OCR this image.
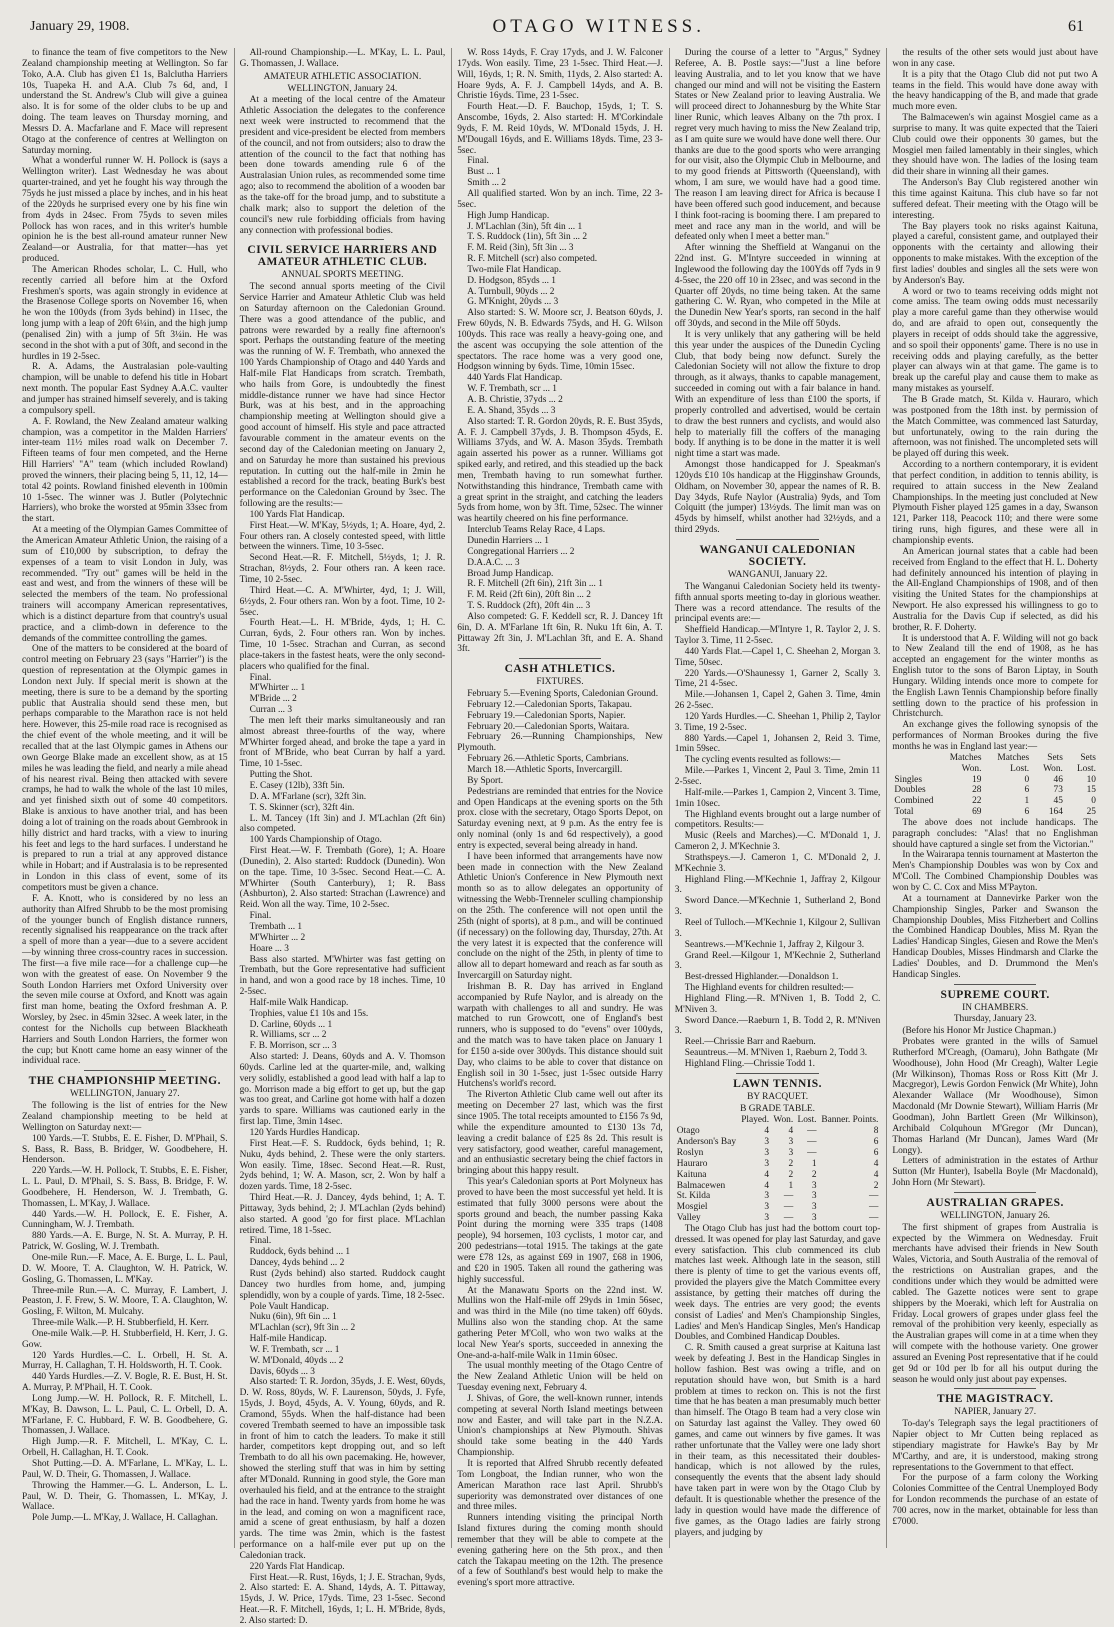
January 29, 1908.	OTAGO WITNESS.	61

to finance the team of five competitors to the New Zealand championship meeting at Wellington. So far Toko, A.A. Club has given £1 1s, Balclutha Harriers 10s, Tuapeka H. and A.A. Club 7s 6d, and, I understand the St. Andrew's Club will give a guinea also. It is for some of the older clubs to be up and doing. The team leaves on Thursday morning, and Messrs D. A. Macfarlane and F. Mace will represent Otago at the conference of centres at Wellington on Saturday morning.

What a wonderful runner W. H. Pollock is (says a Wellington writer). Last Wednesday he was about quarter-trained, and yet he fought his way through the 75yds he just missed a place by inches, and in his heat of the 220yds he surprised every one by his fine win from 4yds in 24sec. From 75yds to seven miles Pollock has won races, and in this writer's humble opinion he is the best all-round amateur runner New Zealand—or Australia, for that matter—has yet produced.

The American Rhodes scholar, L. C. Hull, who recently carried all before him at the Oxford Freshmen's sports, was again strongly in evidence at the Brasenose College sports on November 16, when he won the 100yds (from 3yds behind) in 11sec, the long jump with a leap of 20ft 6¼in, and the high jump (penalised 2in) with a jump of 5ft 3¼in. He was second in the shot with a put of 30ft, and second in the hurdles in 19 2-5sec.

R. A. Adams, the Australasian pole-vaulting champion, will be unable to defend his title in Hobart next month. The popular East Sydney A.A.C. vaulter and jumper has strained himself severely, and is taking a compulsory spell.

A. F. Rowland, the New Zealand amateur walking champion, was a competitor in the Malden Harriers' inter-team 11½ miles road walk on December 7. Fifteen teams of four men competed, and the Herne Hill Harriers' "A" team (which included Rowland) proved the winners, their placing being 5, 11, 12, 14—total 42 points. Rowland finished eleventh in 100min 10 1-5sec. The winner was J. Butler (Polytechnic Harriers), who broke the worsted at 95min 33sec from the start.

At a meeting of the Olympian Games Committee of the American Amateur Athletic Union, the raising of a sum of £10,000 by subscription, to defray the expenses of a team to visit London in July, was recommended. "Try out" games will be held in the east and west, and from the winners of these will be selected the members of the team. No professional trainers will accompany American representatives, which is a distinct departure from that country's usual practice, and a climb-down in deference to the demands of the committee controlling the games.

One of the matters to be considered at the board of control meeting on February 23 (says "Harrier") is the question of representation at the Olympic games in London next July. If special merit is shown at the meeting, there is sure to be a demand by the sporting public that Australia should send these men, but perhaps comparable to the Marathon race is not held here. However, this 25-mile road race is recognised as the chief event of the whole meeting, and it will be recalled that at the last Olympic games in Athens our own George Blake made an excellent show, as at 15 miles he was leading the field, and nearly a mile ahead of his nearest rival. Being then attacked with severe cramps, he had to walk the whole of the last 10 miles, and yet finished sixth out of some 40 competitors. Blake is anxious to have another trial, and has been doing a lot of training on the roads about Gembrook in hilly district and hard tracks, with a view to inuring his feet and legs to the hard surfaces. I understand he is prepared to run a trial at any approved distance while in Hobart; and if Australasia is to be represented in London in this class of event, some of its competitors must be given a chance.

F. A. Knott, who is considered by no less an authority than Alfred Shrubb to be the most promising of the younger bunch of English distance runners, recently signalised his reappearance on the track after a spell of more than a year—due to a severe accident—by winning three cross-country races in succession. The first—a five mile race—for a challenge cup—he won with the greatest of ease. On November 9 the South London Harriers met Oxford University over the seven mile course at Oxford, and Knott was again first man home, beating the Oxford freshman A. P. Worsley, by 2sec. in 45min 32sec. A week later, in the contest for the Nicholls cup between Blackheath Harriers and South London Harriers, the former won the cup; but Knott came home an easy winner of the individual race.

THE CHAMPIONSHIP MEETING.
WELLINGTON, January 27.

The following is the list of entries for the New Zealand championship meeting to be held at Wellington on Saturday next:—

100 Yards.—T. Stubbs, E. E. Fisher, D. M'Phail, S. S. Bass, R. Bass, B. Bridger, W. Goodbehere, H. Henderson.

220 Yards.—W. H. Pollock, T. Stubbs, E. E. Fisher, L. L. Paul, D. M'Phail, S. S. Bass, B. Bridge, F. W. Goodbehere, H. Henderson, W. J. Trembath, G. Thomassen, L. M'Kay, J. Wallace.

440 Yards.—W. H. Pollock, E. E. Fisher, A. Cunningham, W. J. Trembath.

880 Yards.—A. E. Burge, N. St. A. Murray, P. H. Patrick, W. Gosling, W. J. Trembath.

One-mile Run.—F. Mace, A. E. Burge, L. L. Paul, D. W. Moore, T. A. Claughton, W. H. Patrick, W. Gosling, G. Thomassen, L. M'Kay.

Three-mile Run.—A. C. Murray, F. Lambert, J. Peaston, J. F. Frew, S. W. Moore, T. A. Claughton, W. Gosling, F. Wilton, M. Mulcahy.

Three-mile Walk.—P. H. Stubberfield, H. Kerr.

One-mile Walk.—P. H. Stubberfield, H. Kerr, J. G. Gow.

120 Yards Hurdles.—C. L. Orbell, H. St. A. Murray, H. Callaghan, T. H. Holdsworth, H. T. Cook.

440 Yards Hurdles.—Z. V. Bogle, R. E. Bust, H. St. A. Murray, P. M'Phail, H. T. Cook.

Long Jump.—W. H. Pollock, R. F. Mitchell, L. M'Kay, B. Dawson, L. L. Paul, C. L. Orbell, D. A. M'Farlane, F. C. Hubbard, F. W. B. Goodbehere, G. Thomassen, J. Wallace.

High Jump.—R. F. Mitchell, L. M'Kay, C. L. Orbell, H. Callaghan, H. T. Cook.

Shot Putting.—D. A. M'Farlane, L. M'Kay, L. L. Paul, W. D. Their, G. Thomassen, J. Wallace.

Throwing the Hammer.—G. L. Anderson, L. L. Paul, W. D. Their, G. Thomassen, L. M'Kay, J. Wallace.

Pole Jump.—L. M'Kay, J. Wallace, H. Callaghan.

All-round Championship.—L. M'Kay, L. L. Paul, G. Thomassen, J. Wallace.

AMATEUR ATHLETIC ASSOCIATION.
WELLINGTON, January 24.

At a meeting of the local centre of the Amateur Athletic Association the delegates to the conference next week were instructed to recommend that the president and vice-president be elected from members of the council, and not from outsiders; also to draw the attention of the council to the fact that nothing has been done towards amending rule 6 of the Australasian Union rules, as recommended some time ago; also to recommend the abolition of a wooden bar as the take-off for the broad jump, and to substitute a chalk mark; also to support the deletion of the council's new rule forbidding officials from having any connection with professional bodies.

CIVIL SERVICE HARRIERS AND AMATEUR ATHLETIC CLUB.
ANNUAL SPORTS MEETING.

The second annual sports meeting of the Civil Service Harrier and Amateur Athletic Club was held on Saturday afternoon on the Caledonian Ground. There was a good attendance of the public, and patrons were rewarded by a really fine afternoon's sport. Perhaps the outstanding feature of the meeting was the running of W. F. Trembath, who annexed the 100 Yards Championship of Otago and 440 Yards and Half-mile Flat Handicaps from scratch. Trembath, who hails from Gore, is undoubtedly the finest middle-distance runner we have had since Hector Burk, was at his best, and in the approaching championship meeting at Wellington should give a good account of himself. His style and pace attracted favourable comment in the amateur events on the second day of the Caledonian meeting on January 2, and on Saturday he more than sustained his previous reputation. In cutting out the half-mile in 2min he established a record for the track, beating Burk's best performance on the Caledonian Ground by 3sec. The following are the results:—

100 Yards Flat Handicap.

First Heat.—W. M'Kay, 5½yds, 1; A. Hoare, 4yd, 2. Four others ran. A closely contested speed, with little between the winners. Time, 10 3-5sec.

Second Heat.—R. F. Mitchell, 5½yds, 1; J. R. Strachan, 8½yds, 2. Four others ran. A keen race. Time, 10 2-5sec.

Third Heat.—C. A. M'Whirter, 4yd, 1; J. Will, 6½yds, 2. Four others ran. Won by a foot. Time, 10 2-5sec.

Fourth Heat.—L. H. M'Bride, 4yds, 1; H. C. Curran, 6yds, 2. Four others ran. Won by inches. Time, 10 1-5sec. Strachan and Curran, as second place-takers in the fastest heats, were the only second-placers who qualified for the final.

Final.

M'Whirter ... 1

M'Bride ... 2

Curran ... 3

The men left their marks simultaneously and ran almost abreast three-fourths of the way, where M'Whirter forged ahead, and broke the tape a yard in front of M'Bride, who beat Curran by half a yard. Time, 10 1-5sec.

Putting the Shot.

E. Casey (12lb), 33ft 5in.

D. A. M'Farlane (scr), 32ft 3in.

T. S. Skinner (scr), 32ft 4in.

L. M. Tancey (1ft 3in) and J. M'Lachlan (2ft 6in) also competed.

100 Yards Championship of Otago.

First Heat.—W. F. Trembath (Gore), 1; A. Hoare (Dunedin), 2. Also started: Ruddock (Dunedin). Won on the tape. Time, 10 3-5sec. Second Heat.—C. A. M'Whirter (South Canterbury), 1; R. Bass (Ashburton), 2. Also started: Strachan (Lawrence) and Reid. Won all the way. Time, 10 2-5sec.

Final.

Trembath ... 1

M'Whirter ... 2

Hoare ... 3

Bass also started. M'Whirter was fast getting on Trembath, but the Gore representative had sufficient in hand, and won a good race by 18 inches. Time, 10 2-5sec.

Half-mile Walk Handicap.

Trophies, value £1 10s and 15s.

D. Carline, 60yds ... 1

R. Williams, scr ... 2

F. B. Morrison, scr ... 3

Also started: J. Deans, 60yds and A. V. Thomson 60yds. Carline led at the quarter-mile, and, walking very solidly, established a good lead with half a lap to go. Morrison made a big effort to get up, but the gap was too great, and Carline got home with half a dozen yards to spare. Williams was cautioned early in the first lap. Time, 3min 14sec.

120 Yards Hurdles Handicap.

First Heat.—F. S. Ruddock, 6yds behind, 1; R. Nuku, 4yds behind, 2. These were the only starters. Won easily. Time, 18sec. Second Heat.—R. Rust, 2yds behind, 1; W. A. Mason, scr, 2. Won by half a dozen yards. Time, 18 2-5sec.

Third Heat.—R. J. Dancey, 4yds behind, 1; A. T. Pittaway, 3yds behind, 2; J. M'Lachlan (2yds behind) also started. A good 'go for first place. M'Lachlan retired. Time, 18 1-5sec.

Final.

Ruddock, 6yds behind ... 1

Dancey, 4yds behind ... 2

Rust (2yds behind) also started. Ruddock caught Dancey two hurdles from home, and, jumping splendidly, won by a couple of yards. Time, 18 2-5sec.

Pole Vault Handicap.

Nuku (6in), 9ft 6in ... 1

M'Lachlan (scr), 9ft 3in ... 2

Half-mile Handicap.

W. F. Trembath, scr ... 1

W. M'Donald, 40yds ... 2

Davis, 60yds ... 3

Also started: T. R. Jordon, 35yds, J. E. West, 60yds, D. W. Ross, 80yds, W. F. Laurenson, 50yds, J. Fyfe, 15yds, J. Boyd, 45yds, A. V. Young, 60yds, and R. Cramond, 55yds. When the half-distance had been covered Trembath seemed to have an impossible task in front of him to catch the leaders. To make it still harder, competitors kept dropping out, and so left Trembath to do all his own pacemaking. He, however, showed the sterling stuff that was in him by setting after M'Donald. Running in good style, the Gore man overhauled his field, and at the entrance to the straight had the race in hand. Twenty yards from home he was in the lead, and coming on won a magnificent race, amid a scene of great enthusiasm, by half a dozen yards. The time was 2min, which is the fastest performance on a half-mile ever put up on the Caledonian track.

220 Yards Flat Handicap.

First Heat.—R. Rust, 16yds, 1; J. E. Strachan, 9yds, 2. Also started: E. A. Shand, 14yds, A. T. Pittaway, 15yds, J. W. Price, 17yds. Time, 23 1-5sec. Second Heat.—R. F. Mitchell, 16yds, 1; L. H. M'Bride, 8yds, 2. Also started: D.

W. Ross 14yds, F. Cray 17yds, and J. W. Falconer 17yds. Won easily. Time, 23 1-5sec. Third Heat.—J. Will, 16yds, 1; R. N. Smith, 11yds, 2. Also started: A. Hoare 9yds, A. F. J. Campbell 14yds, and A. B. Christie 16yds. Time, 23 1-5sec.

Fourth Heat.—D. F. Bauchop, 15yds, 1; T. S. Anscombe, 16yds, 2. Also started: H. M'Corkindale 9yds, F. M. Reid 10yds, W. M'Donald 15yds, J. H. M'Dougall 16yds, and E. Williams 18yds. Time, 23 3-5sec.

Final.

Bust ... 1

Smith ... 2

All qualified started. Won by an inch. Time, 22 3-5sec.

High Jump Handicap.

J. M'Lachlan (3in), 5ft 4in ... 1

T. S. Ruddock (1in), 5ft 3in ... 2

F. M. Reid (3in), 5ft 3in ... 3

R. F. Mitchell (scr) also competed.

Two-mile Flat Handicap.

D. Hodgson, 85yds ... 1

A. Turnbull, 90yds ... 2

G. M'Knight, 20yds ... 3

Also started: S. W. Moore scr, J. Beatson 60yds, J. Frew 60yds, N. B. Edwards 75yds, and H. G. Wilson 100yds. This race was really a heavy-going one, and the ascent was occupying the sole attention of the spectators. The race home was a very good one, Hodgson winning by 6yds. Time, 10min 15sec.

440 Yards Flat Handicap.

W. F. Trembath, scr ... 1

A. B. Christie, 37yds ... 2

E. A. Shand, 35yds ... 3

Also started: T. R. Gordon 20yds, R. E. Bust 35yds, A. F. J. Campbell 37yds, J. B. Thompson 45yds, E. Williams 37yds, and W. A. Mason 35yds. Trembath again asserted his power as a runner. Williams got spiked early, and retired, and this steadied up the back men, Trembath having to run somewhat further. Notwithstanding this hindrance, Trembath came with a great sprint in the straight, and catching the leaders 5yds from home, won by 3ft. Time, 52sec. The winner was heartily cheered on his fine performance.

Interclub Teams Relay Race, 4 Laps.

Dunedin Harriers ... 1

Congregational Harriers ... 2

D.A.A.C. ... 3

Broad Jump Handicap.

R. F. Mitchell (2ft 6in), 21ft 3in ... 1

F. M. Reid (2ft 6in), 20ft 8in ... 2

T. S. Ruddock (2ft), 20ft 4in ... 3

Also competed: G. F. Keddell scr, R. J. Dancey 1ft 6in, D. A. M'Farlane 1ft 6in, R. Nuku 1ft 6in, A. T. Pittaway 2ft 3in, J. M'Lachlan 3ft, and E. A. Shand 3ft.

CASH ATHLETICS.
FIXTURES.

February 5.—Evening Sports, Caledonian Ground.

February 12.—Caledonian Sports, Takapau.

February 19.—Caledonian Sports, Napier.

February 20.—Caledonian Sports, Waitara.

February 26.—Running Championships, New Plymouth.

February 26.—Athletic Sports, Cambrians.

March 18.—Athletic Sports, Invercargill.

By Sport.

Pedestrians are reminded that entries for the Novice and Open Handicaps at the evening sports on the 5th prox. close with the secretary, Otago Sports Depot, on Saturday evening next, at 9 p.m. As the entry fee is only nominal (only 1s and 6d respectively), a good entry is expected, several being already in hand.

I have been informed that arrangements have now been made in connection with the New Zealand Athletic Union's Conference in New Plymouth next month so as to allow delegates an opportunity of witnessing the Webb-Trenneler sculling championship on the 25th. The conference will not open until the 25th (night of sports), at 8 p.m., and will be continued (if necessary) on the following day, Thursday, 27th. At the very latest it is expected that the conference will conclude on the night of the 25th, in plenty of time to allow all to depart homeward and reach as far south as Invercargill on Saturday night.

Irishman B. R. Day has arrived in England accompanied by Rufe Naylor, and is already on the warpath with challenges to all and sundry. He was matched to run Growcott, one of England's best runners, who is supposed to do "evens" over 100yds, and the match was to have taken place on January 1 for £150 a-side over 300yds. This distance should suit Day, who claims to be able to cover that distance on English soil in 30 1-5sec, just 1-5sec outside Harry Hutchens's world's record.

The Riverton Athletic Club came well out after its meeting on December 27 last, which was the first since 1905. The total receipts amounted to £156 7s 9d, while the expenditure amounted to £130 13s 7d, leaving a credit balance of £25 8s 2d. This result is very satisfactory, good weather, careful management, and an enthusiastic secretary being the chief factors in bringing about this happy result.

This year's Caledonian sports at Port Molyneux has proved to have been the most successful yet held. It is estimated that fully 3000 persons were about the sports ground and beach, the number passing Kaka Point during the morning were 335 traps (1408 people), 94 horsemen, 103 cyclists, 1 motor car, and 200 pedestrians—total 1915. The takings at the gate were £78 12s, as against £69 in 1907, £68 in 1906, and £20 in 1905. Taken all round the gathering was highly successful.

At the Manawatu Sports on the 22nd inst. W. Mullins won the Half-mile off 29yds in 1min 56sec, and was third in the Mile (no time taken) off 60yds. Mullins also won the standing chop. At the same gathering Peter M'Coll, who won two walks at the local New Year's sports, succeeded in annexing the One-and-a-half-mile Walk in 11min 60sec.

The usual monthly meeting of the Otago Centre of the New Zealand Athletic Union will be held on Tuesday evening next, February 4.

J. Shivas, of Gore, the well-known runner, intends competing at several North Island meetings between now and Easter, and will take part in the N.Z.A. Union's championships at New Plymouth. Shivas should take some beating in the 440 Yards Championship.

It is reported that Alfred Shrubb recently defeated Tom Longboat, the Indian runner, who won the American Marathon race last April. Shrubb's superiority was demonstrated over distances of one and three miles.

Runners intending visiting the principal North Island fixtures during the coming month should remember that they will be able to compete at the evening gathering here on the 5th prox., and then catch the Takapau meeting on the 12th. The presence of a few of Southland's best would help to make the evening's sport more attractive.

During the course of a letter to "Argus," Sydney Referee, A. B. Postle says:—"Just a line before leaving Australia, and to let you know that we have changed our mind and will not be visiting the Eastern States or New Zealand prior to leaving Australia. We will proceed direct to Johannesburg by the White Star liner Runic, which leaves Albany on the 7th prox. I regret very much having to miss the New Zealand trip, as I am quite sure we would have done well there. Our thanks are due to the good sports who were arranging for our visit, also the Olympic Club in Melbourne, and to my good friends at Pittsworth (Queensland), with whom, I am sure, we would have had a good time. The reason I am leaving direct for Africa is because I have been offered such good inducement, and because I think foot-racing is booming there. I am prepared to meet and race any man in the world, and will be defeated only when I meet a better man."

After winning the Sheffield at Wanganui on the 22nd inst. G. M'Intyre succeeded in winning at Inglewood the following day the 100Yds off 7yds in 9 4-5sec, the 220 off 10 in 23sec, and was second in the Quarter off 20yds, no time being taken. At the same gathering C. W. Ryan, who competed in the Mile at the Dunedin New Year's sports, ran second in the half off 30yds, and second in the Mile off 50yds.

It is very unlikely that any gathering will be held this year under the auspices of the Dunedin Cycling Club, that body being now defunct. Surely the Caledonian Society will not allow the fixture to drop through, as it always, thanks to capable management, succeeded in coming out with a fair balance in hand. With an expenditure of less than £100 the sports, if properly controlled and advertised, would be certain to draw the best runners and cyclists, and would also help to materially fill the coffers of the managing body. If anything is to be done in the matter it is well night time a start was made.

Amongst those handicapped for J. Speakman's 120yds £10 10s handicap at the Higginshaw Grounds, Oldham, on November 30, appear the names of R. B. Day 34yds, Rufe Naylor (Australia) 9yds, and Tom Colquitt (the jumper) 13½yds. The limit man was on 45yds by himself, whilst another had 32½yds, and a third 29yds.

WANGANUI CALEDONIAN SOCIETY.
WANGANUI, January 22.

The Wanganui Caledonian Society held its twenty-fifth annual sports meeting to-day in glorious weather. There was a record attendance. The results of the principal events are:—

Sheffield Handicap.—M'Intyre 1, R. Taylor 2, J. S. Taylor 3. Time, 11 2-5sec.

440 Yards Flat.—Capel 1, C. Sheehan 2, Morgan 3. Time, 50sec.

220 Yards.—O'Shaunessy 1, Garner 2, Scally 3. Time, 21 4-5sec.

Mile.—Johansen 1, Capel 2, Gahen 3. Time, 4min 26 2-5sec.

120 Yards Hurdles.—C. Sheehan 1, Philip 2, Taylor 3. Time, 19 2-5sec.

880 Yards.—Capel 1, Johansen 2, Reid 3. Time, 1min 59sec.

The cycling events resulted as follows:—

Mile.—Parkes 1, Vincent 2, Paul 3. Time, 2min 11 2-5sec.

Half-mile.—Parkes 1, Campion 2, Vincent 3. Time, 1min 10sec.

The Highland events brought out a large number of competitors. Results:—

Music (Reels and Marches).—C. M'Donald 1, J. Cameron 2, J. M'Kechnie 3.

Strathspeys.—J. Cameron 1, C. M'Donald 2, J. M'Kechnie 3.

Highland Fling.—M'Kechnie 1, Jaffray 2, Kilgour 3.

Sword Dance.—M'Kechnie 1, Sutherland 2, Bond 3.

Reel of Tulloch.—M'Kechnie 1, Kilgour 2, Sullivan 3.

Seantrews.—M'Kechnie 1, Jaffray 2, Kilgour 3.

Grand Reel.—Kilgour 1, M'Kechnie 2, Sutherland 3.

Best-dressed Highlander.—Donaldson 1.

The Highland events for children resulted:—

Highland Fling.—R. M'Niven 1, B. Todd 2, C. M'Niven 3.

Sword Dance.—Raeburn 1, B. Todd 2, R. M'Niven 3.

Reel.—Chrissie Barr and Raeburn.

Seauntreus.—M. M'Niven 1, Raeburn 2, Todd 3.

Highland Fling.—Chrissie Todd 1.

LAWN TENNIS.
BY RACQUET.
B GRADE TABLE.
	Played.	Won.	Lost.	Banner. Points.
Otago	4	4	—	8
Anderson's Bay	3	3	—	6
Roslyn	3	3	—	6
Hauraro	3	2	1	4
Kaituna	4	2	2	4
Balmacewen	4	1	3	2
St. Kilda	3	—	3	—
Mosgiel	3	—	3	—
Valley	3	—	3	—

The Otago Club has just had the bottom court top-dressed. It was opened for play last Saturday, and gave every satisfaction. This club commenced its club matches last week. Although late in the season, still there is plenty of time to get the various events off, provided the players give the Match Committee every assistance, by getting their matches off during the week days. The entries are very good; the events consist of Ladies' and Men's Championship Singles, Ladies' and Men's Handicap Singles, Men's Handicap Doubles, and Combined Handicap Doubles.

C. R. Smith caused a great surprise at Kaituna last week by defeating J. Best in the Handicap Singles in hollow fashion. Best was owing a trifle, and on reputation should have won, but Smith is a hard problem at times to reckon on. This is not the first time that he has beaten a man presumably much better than himself. The Otago B team had a very close win on Saturday last against the Valley. They owed 60 games, and came out winners by five games. It was rather unfortunate that the Valley were one lady short in their team, as this necessitated their doubles-handicap, which is not allowed by the rules, consequently the events that the absent lady should have taken part in were won by the Otago Club by default. It is questionable whether the presence of the lady in question would have made the difference of five games, as the Otago ladies are fairly strong players, and judging by

the results of the other sets would just about have won in any case.

It is a pity that the Otago Club did not put two A teams in the field. This would have done away with the heavy handicapping of the B, and made that grade much more even.

The Balmacewen's win against Mosgiel came as a surprise to many. It was quite expected that the Taieri Club could owe their opponents 30 games, but the Mosgiel men failed lamentably in their singles, which they should have won. The ladies of the losing team did their share in winning all their games.

The Anderson's Bay Club registered another win this time against Kaituna. This club have so far not suffered defeat. Their meeting with the Otago will be interesting.

The Bay players took no risks against Kaituna, played a careful, consistent game, and outplayed their opponents with the certainty and allowing their opponents to make mistakes. With the exception of the first ladies' doubles and singles all the sets were won by Anderson's Bay.

A word or two to teams receiving odds might not come amiss. The team owing odds must necessarily play a more careful game than they otherwise would do, and are afraid to open out, consequently the players in receipt of odds should take the aggressive, and so spoil their opponents' game. There is no use in receiving odds and playing carefully, as the better player can always win at that game. The game is to break up the careful play and cause them to make as many mistakes as yourself.

The B Grade match, St. Kilda v. Hauraro, which was postponed from the 18th inst. by permission of the Match Committee, was commenced last Saturday, but unfortunately, owing to the rain during the afternoon, was not finished. The uncompleted sets will be played off during this week.

According to a northern contemporary, it is evident that perfect condition, in addition to tennis ability, is required to attain success in the New Zealand Championships. In the meeting just concluded at New Plymouth Fisher played 125 games in a day, Swanson 121, Parker 118, Peacock 110; and there were some tiring runs, high figures, and these were all in championship events.

An American journal states that a cable had been received from England to the effect that H. L. Doherty had definitely announced his intention of playing in the All-England Championships of 1908, and of then visiting the United States for the championships at Newport. He also expressed his willingness to go to Australia for the Davis Cup if selected, as did his brother, R. F. Doherty.

It is understood that A. F. Wilding will not go back to New Zealand till the end of 1908, as he has accepted an engagement for the winter months as English tutor to the sons of Baron Liptay, in South Hungary. Wilding intends once more to compete for the English Lawn Tennis Championship before finally settling down to the practice of his profession in Christchurch.

An exchange gives the following synopsis of the performances of Norman Brookes during the five months he was in England last year:—

	Matches Won.	Matches Lost.	Sets Won.	Sets Lost.
Singles	19	0	46	10
Doubles	28	6	73	15
Combined	22	1	45	0
Total	69	6	164	25

The above does not include handicaps. The paragraph concludes: "Alas! that no Englishman should have captured a single set from the Victorian."

In the Wairarapa tennis tournament at Masterton the Men's Championship Doubles was won by Cox and M'Coll. The Combined Championship Doubles was won by C. C. Cox and Miss M'Payton.

At a tournament at Dannevirke Parker won the Championship Singles, Parker and Swanson the Championship Doubles, Miss Fitzherbert and Collins the Combined Handicap Doubles, Miss M. Ryan the Ladies' Handicap Singles, Giesen and Rowe the Men's Handicap Doubles, Misses Hindmarsh and Clarke the Ladies' Doubles, and D. Drummond the Men's Handicap Singles.

SUPREME COURT.
IN CHAMBERS.
Thursday, January 23.

(Before his Honor Mr Justice Chapman.)

Probates were granted in the wills of Samuel Rutherford M'Creagh, (Oamaru), John Bathgate (Mr Woodhouse), John Hood (Mr Creagh), Walter Legie (Mr Wilkinson), Thomas Ross or Ross Kitt (Mr J. Macgregor), Lewis Gordon Fenwick (Mr White), John Alexander Wallace (Mr Woodhouse), Simon Macdonald (Mr Downie Stewart), William Harris (Mr Goodman), John Bartlett Green (Mr Wilkinson), Archibald Colquhoun M'Gregor (Mr Duncan), Thomas Harland (Mr Duncan), James Ward (Mr Longy).

Letters of administration in the estates of Arthur Sutton (Mr Hunter), Isabella Boyle (Mr Macdonald), John Horn (Mr Stewart).

AUSTRALIAN GRAPES.
WELLINGTON, January 26.

The first shipment of grapes from Australia is expected by the Wimmera on Wednesday. Fruit merchants have advised their friends in New South Wales, Victoria, and South Australia of the removal of the restrictions on Australian grapes, and the conditions under which they would be admitted were cabled. The Gazette notices were sent to grape shippers by the Moeraki, which left for Australia on Friday. Local growers of grapes under glass feel the removal of the prohibition very keenly, especially as the Australian grapes will come in at a time when they will compete with the hothouse variety. One grower assured an Evening Post representative that if he could get 9d or 10d per lb for all his output during the season he would only just about pay expenses.

THE MAGISTRACY.
NAPIER, January 27.

To-day's Telegraph says the legal practitioners of Napier object to Mr Cutten being replaced as stipendiary magistrate for Hawke's Bay by Mr M'Carthy, and are, it is understood, making strong representations to the Government to that effect.

For the purpose of a farm colony the Working Colonies Committee of the Central Unemployed Body for London recommends the purchase of an estate of 700 acres, now in the market, obtainable for less than £7000.
